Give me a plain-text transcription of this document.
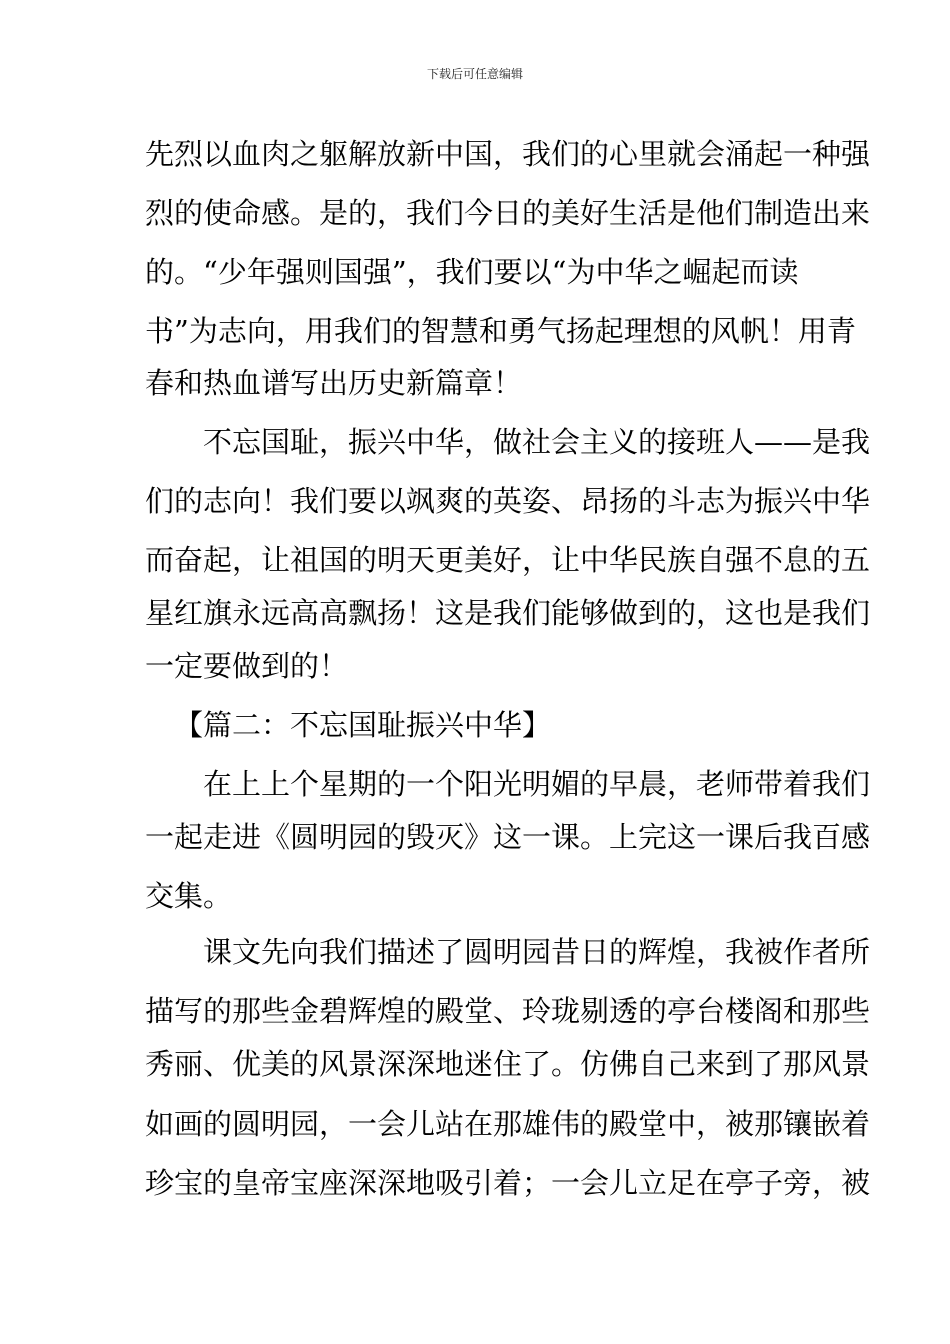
下载后可任意编辑
先烈以血肉之躯解放新中国，我们的心里就会涌起一种强
烈的使命感。是的，我们今日的美好生活是他们制造出来
的。“少年强则国强”，我们要以“为中华之崛起而读
书”为志向，用我们的智慧和勇气扬起理想的风帆！用青
春和热血谱写出历史新篇章！
不忘国耻，振兴中华，做社会主义的接班人——是我
们的志向！我们要以飒爽的英姿、昂扬的斗志为振兴中华
而奋起，让祖国的明天更美好，让中华民族自强不息的五
星红旗永远高高飘扬！这是我们能够做到的，这也是我们
一定要做到的！
【篇二：不忘国耻振兴中华】
在上上个星期的一个阳光明媚的早晨，老师带着我们
一起走进《圆明园的毁灭》这一课。上完这一课后我百感
交集。
课文先向我们描述了圆明园昔日的辉煌，我被作者所
描写的那些金碧辉煌的殿堂、玲珑剔透的亭台楼阁和那些
秀丽、优美的风景深深地迷住了。仿佛自己来到了那风景
如画的圆明园，一会儿站在那雄伟的殿堂中，被那镶嵌着
珍宝的皇帝宝座深深地吸引着；一会儿立足在亭子旁，被
